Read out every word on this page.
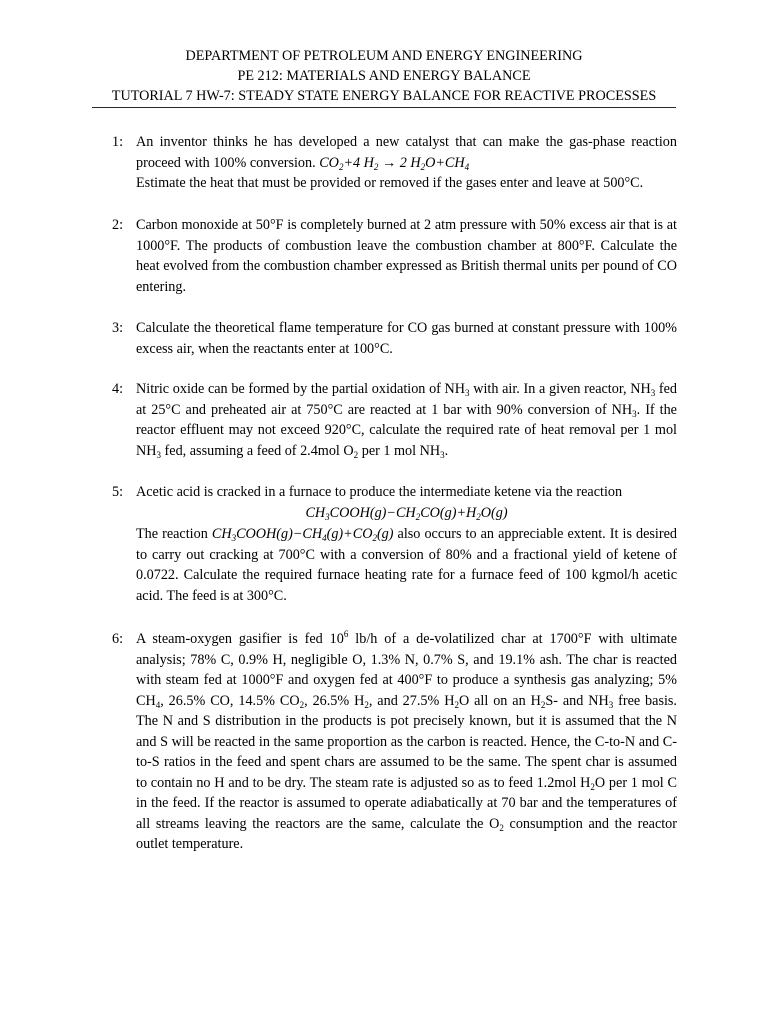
DEPARTMENT OF PETROLEUM AND ENERGY ENGINEERING
PE 212: MATERIALS AND ENERGY BALANCE
TUTORIAL 7 HW-7: STEADY STATE ENERGY BALANCE FOR REACTIVE PROCESSES
1: An inventor thinks he has developed a new catalyst that can make the gas-phase reaction proceed with 100% conversion. $CO_2+4$ $H_2 \to 2$ $H_2O+CH_4$

Estimate the heat that must be provided or removed if the gases enter and leave at 500°C.

2: Carbon monoxide at 50°F is completely burned at 2 atm pressure with 50% excess air that is at 1000°F. The products of combustion leave the combustion chamber at 800°F. Calculate the heat evolved from the combustion chamber expressed as British thermal units per pound of CO entering.
3: Calculate the theoretical flame temperature for CO gas burned at constant pressure with 100% excess air, when the reactants enter at 100°C.
4: Nitric oxide can be formed by the partial oxidation of $NH_3$ with air. In a given reactor, $NH_3$ fed at 25°C and preheated air at 750°C are reacted at 1 bar with 90% conversion of $NH_3$. If the reactor effluent may not exceed 920°C, calculate the required rate of heat removal per 1 mol $NH_3$ fed, assuming a feed of 2.4mol $O_2$ per 1 mol $NH_3$.
5: Acetic acid is cracked in a furnace to produce the intermediate ketene via the reaction

$CH_3COOH(g)-CH_2CO(g)+H_2O(g)$

The reaction $CH_3COOH(g)-CH_4(g)+CO_2(g)$ also occurs to an appreciable extent. It is desired to carry out cracking at 700°C with a conversion of 80% and a fractional yield of ketene of 0.0722. Calculate the required furnace heating rate for a furnace feed of 100 kgmol/h acetic acid. The feed is at 300°C.

6: A steam-oxygen gasifier is fed $10^6$ lb/h of a de-volatilized char at 1700°F with ultimate analysis; 78% C, 0.9% H, negligible O, 1.3% N, 0.7% S, and 19.1% ash. The char is reacted with steam fed at 1000°F and oxygen fed at 400°F to produce a synthesis gas analyzing; 5% $CH_4$, 26.5% CO, 14.5% $CO_2$, 26.5% $H_2$, and 27.5% $H_2O$ all on an $H_2S-$ and $NH_3$ free basis. The N and S distribution in the products is pot precisely known, but it is assumed that the N and S will be reacted in the same proportion as the carbon is reacted. Hence, the C-to-N and C-to-S ratios in the feed and spent chars are assumed to be the same. The spent char is assumed to contain no H and to be dry. The steam rate is adjusted so as to feed 1.2mol $H_2O$ per 1 mol C in the feed. If the reactor is assumed to operate adiabatically at 70 bar and the temperatures of all streams leaving the reactors are the same, calculate the $O_2$ consumption and the reactor outlet temperature.
